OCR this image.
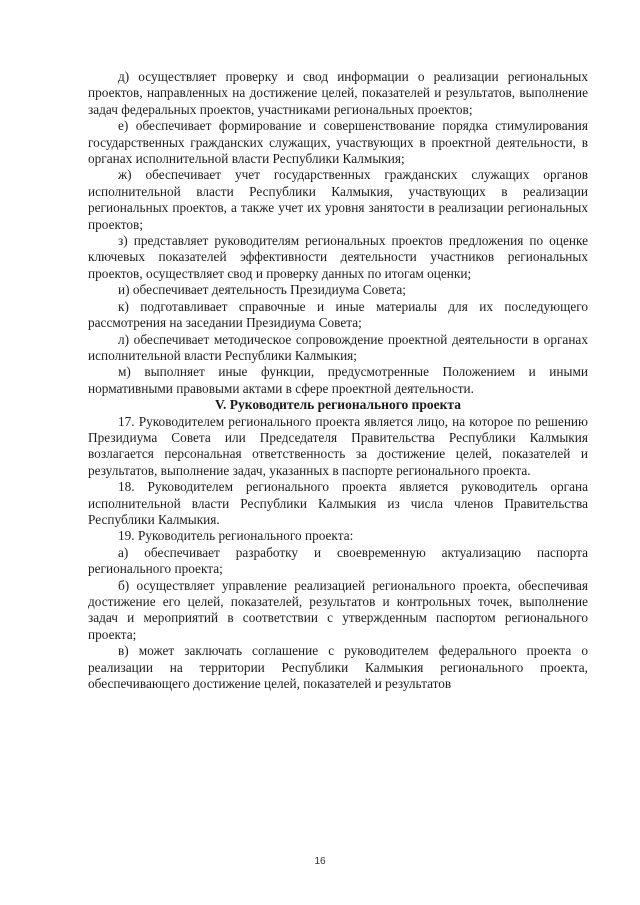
д) осуществляет проверку и свод информации о реализации региональных проектов, направленных на достижение целей, показателей и результатов, выполнение задач федеральных проектов, участниками региональных проектов;

е) обеспечивает формирование и совершенствование порядка стимулирования государственных гражданских служащих, участвующих в проектной деятельности, в органах исполнительной власти Республики Калмыкия;

ж) обеспечивает учет государственных гражданских служащих органов исполнительной власти Республики Калмыкия, участвующих в реализации региональных проектов, а также учет их уровня занятости в реализации региональных проектов;

з) представляет руководителям региональных проектов предложения по оценке ключевых показателей эффективности деятельности участников региональных проектов, осуществляет свод и проверку данных по итогам оценки;

и) обеспечивает деятельность Президиума Совета;

к) подготавливает справочные и иные материалы для их последующего рассмотрения на заседании Президиума Совета;

л) обеспечивает методическое сопровождение проектной деятельности в органах исполнительной власти Республики Калмыкия;

м) выполняет иные функции, предусмотренные Положением и иными нормативными правовыми актами в сфере проектной деятельности.

V. Руководитель регионального проекта

17. Руководителем регионального проекта является лицо, на которое по решению Президиума Совета или Председателя Правительства Республики Калмыкия возлагается персональная ответственность за достижение целей, показателей и результатов, выполнение задач, указанных в паспорте регионального проекта.

18. Руководителем регионального проекта является руководитель органа исполнительной власти Республики Калмыкия из числа членов Правительства Республики Калмыкия.

19. Руководитель регионального проекта:

а) обеспечивает разработку и своевременную актуализацию паспорта регионального проекта;

б) осуществляет управление реализацией регионального проекта, обеспечивая достижение его целей, показателей, результатов и контрольных точек, выполнение задач и мероприятий в соответствии с утвержденным паспортом регионального проекта;

в) может заключать соглашение с руководителем федерального проекта о реализации на территории Республики Калмыкия регионального проекта, обеспечивающего достижение целей, показателей и результатов

16
